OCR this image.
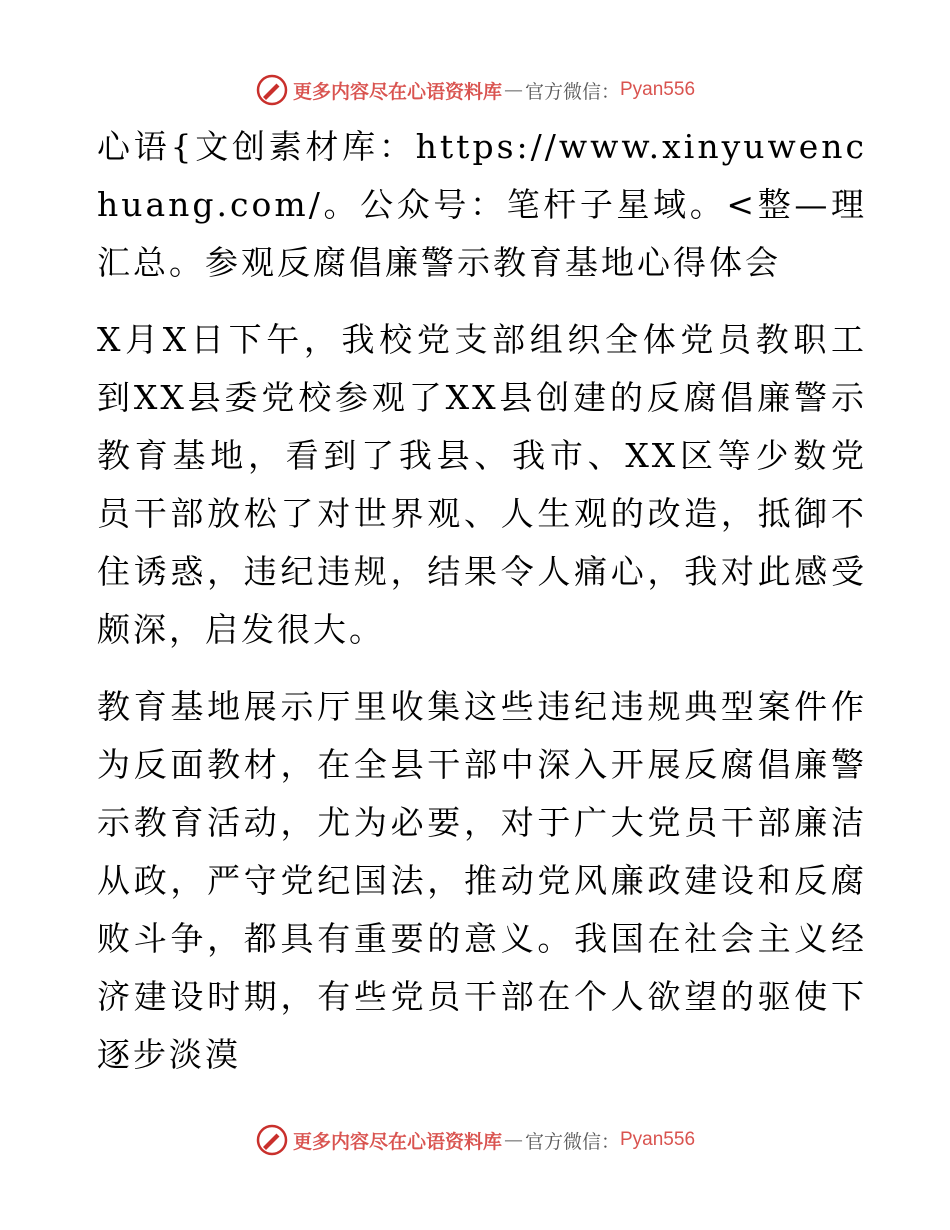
更多内容尽在心语资料库 — 官方微信： Pyan556

心语{文创素材库：https://www.xinyuwenchuang.com/。公众号：笔杆子星域。<整—理汇总。参观反腐倡廉警示教育基地心得体会

X月X日下午，我校党支部组织全体党员教职工到XX县委党校参观了XX县创建的反腐倡廉警示教育基地，看到了我县、我市、XX区等少数党员干部放松了对世界观、人生观的改造，抵御不住诱惑，违纪违规，结果令人痛心，我对此感受颇深，启发很大。

教育基地展示厅里收集这些违纪违规典型案件作为反面教材，在全县干部中深入开展反腐倡廉警示教育活动，尤为必要，对于广大党员干部廉洁从政，严守党纪国法，推动党风廉政建设和反腐败斗争，都具有重要的意义。我国在社会主义经济建设时期，有些党员干部在个人欲望的驱使下逐步淡漠

更多内容尽在心语资料库 — 官方微信： Pyan556
